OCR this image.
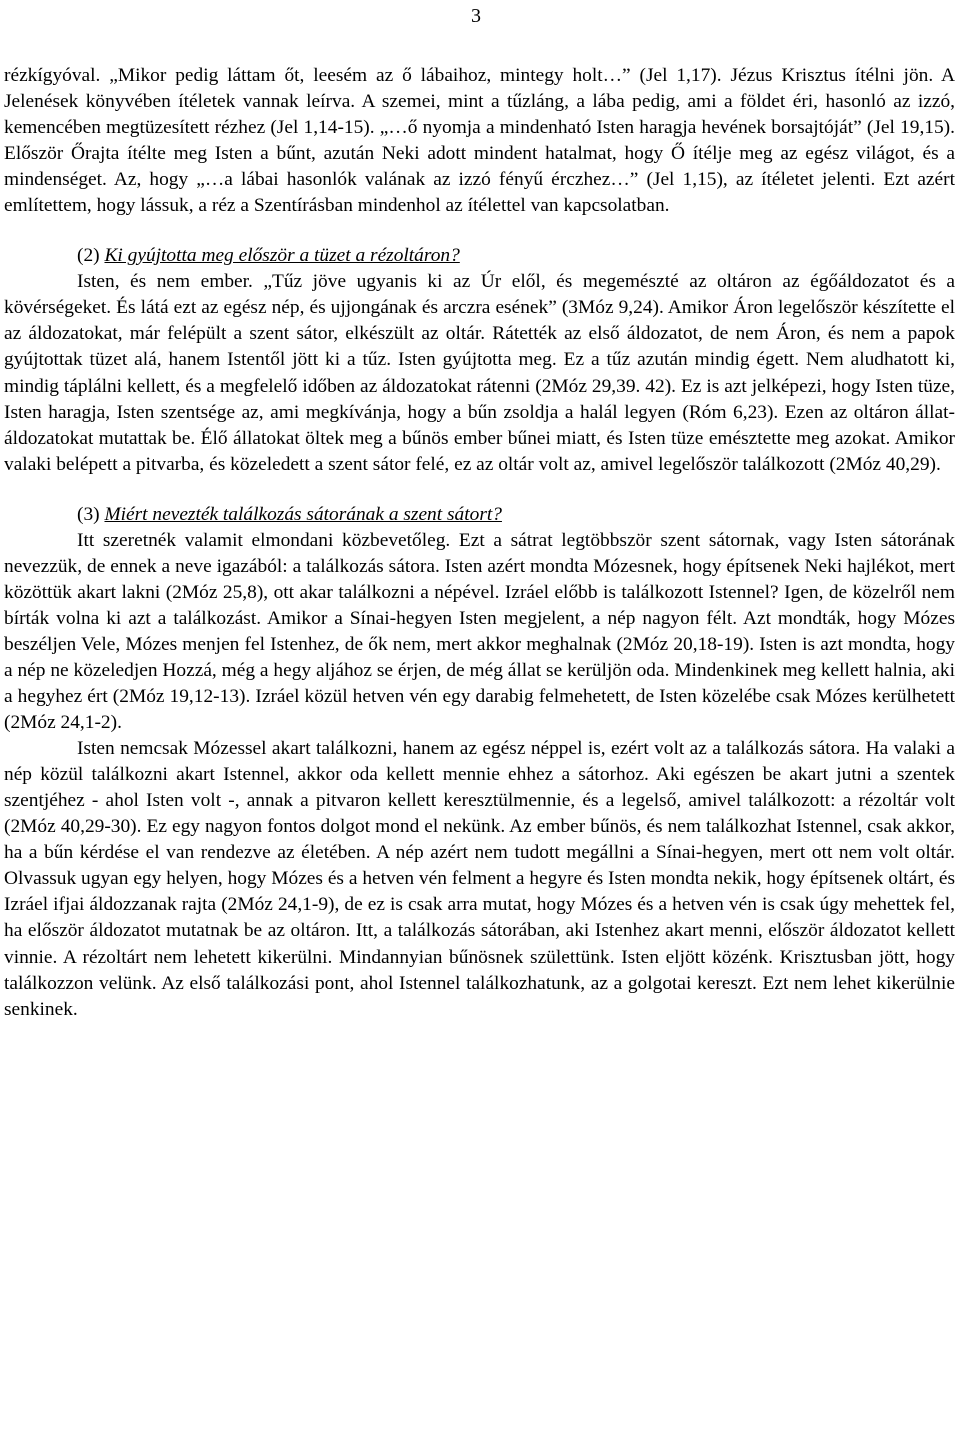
3

rézkígyóval. „Mikor pedig láttam őt, leesém az ő lábaihoz, mintegy holt…” (Jel 1,17). Jézus Krisztus ítélni jön. A Jelenések könyvében ítéletek vannak leírva. A szemei, mint a tűzláng, a lába pedig, ami a földet éri, hasonló az izzó, kemencében megtüzesített rézhez (Jel 1,14-15). „…ő nyomja a mindenható Isten haragja hevének borsajtóját” (Jel 19,15). Először Őrajta ítélte meg Isten a bűnt, azután Neki adott mindent hatalmat, hogy Ő ítélje meg az egész világot, és a mindenséget. Az, hogy „…a lábai hasonlók valának az izzó fényű érczhez…” (Jel 1,15), az ítéletet jelenti. Ezt azért említettem, hogy lássuk, a réz a Szentírásban mindenhol az ítélettel van kapcsolatban.

(2) Ki gyújtotta meg először a tüzet a rézoltáron?

Isten, és nem ember. „Tűz jöve ugyanis ki az Úr elől, és megemészté az oltáron az égőáldozatot és a kövérségeket. És látá ezt az egész nép, és ujjongának és arczra esének” (3Móz 9,24). Amikor Áron legelőször készítette el az áldozatokat, már felépült a szent sátor, elkészült az oltár. Rátették az első áldozatot, de nem Áron, és nem a papok gyújtottak tüzet alá, hanem Istentől jött ki a tűz. Isten gyújtotta meg. Ez a tűz azután mindig égett. Nem aludhatott ki, mindig táplálni kellett, és a megfelelő időben az áldozatokat rátenni (2Móz 29,39. 42). Ez is azt jelképezi, hogy Isten tüze, Isten haragja, Isten szentsége az, ami megkívánja, hogy a bűn zsoldja a halál legyen (Róm 6,23). Ezen az oltáron állat-áldozatokat mutattak be. Élő állatokat öltek meg a bűnös ember bűnei miatt, és Isten tüze emésztette meg azokat. Amikor valaki belépett a pitvarba, és közeledett a szent sátor felé, ez az oltár volt az, amivel legelőször találkozott (2Móz 40,29).

(3) Miért nevezték találkozás sátorának a szent sátort?

Itt szeretnék valamit elmondani közbevetőleg. Ezt a sátrat legtöbbször szent sátornak, vagy Isten sátorának nevezzük, de ennek a neve igazából: a találkozás sátora. Isten azért mondta Mózesnek, hogy építsenek Neki hajlékot, mert közöttük akart lakni (2Móz 25,8), ott akar találkozni a népével. Izráel előbb is találkozott Istennel? Igen, de közelről nem bírták volna ki azt a találkozást. Amikor a Sínai-hegyen Isten megjelent, a nép nagyon félt. Azt mondták, hogy Mózes beszéljen Vele, Mózes menjen fel Istenhez, de ők nem, mert akkor meghalnak (2Móz 20,18-19). Isten is azt mondta, hogy a nép ne közeledjen Hozzá, még a hegy aljához se érjen, de még állat se kerüljön oda. Mindenkinek meg kellett halnia, aki a hegyhez ért (2Móz 19,12-13). Izráel közül hetven vén egy darabig felmehetett, de Isten közelébe csak Mózes kerülhetett (2Móz 24,1-2).

Isten nemcsak Mózessel akart találkozni, hanem az egész néppel is, ezért volt az a találkozás sátora. Ha valaki a nép közül találkozni akart Istennel, akkor oda kellett mennie ehhez a sátorhoz. Aki egészen be akart jutni a szentek szentjéhez - ahol Isten volt -, annak a pitvaron kellett keresztülmennie, és a legelső, amivel találkozott: a rézoltár volt (2Móz 40,29-30). Ez egy nagyon fontos dolgot mond el nekünk. Az ember bűnös, és nem találkozhat Istennel, csak akkor, ha a bűn kérdése el van rendezve az életében. A nép azért nem tudott megállni a Sínai-hegyen, mert ott nem volt oltár. Olvassuk ugyan egy helyen, hogy Mózes és a hetven vén felment a hegyre és Isten mondta nekik, hogy építsenek oltárt, és Izráel ifjai áldozzanak rajta (2Móz 24,1-9), de ez is csak arra mutat, hogy Mózes és a hetven vén is csak úgy mehettek fel, ha először áldozatot mutatnak be az oltáron. Itt, a találkozás sátorában, aki Istenhez akart menni, először áldozatot kellett vinnie. A rézoltárt nem lehetett kikerülni. Mindannyian bűnösnek születtünk. Isten eljött közénk. Krisztusban jött, hogy találkozzon velünk. Az első találkozási pont, ahol Istennel találkozhatunk, az a golgotai kereszt. Ezt nem lehet kikerülnie senkinek.
